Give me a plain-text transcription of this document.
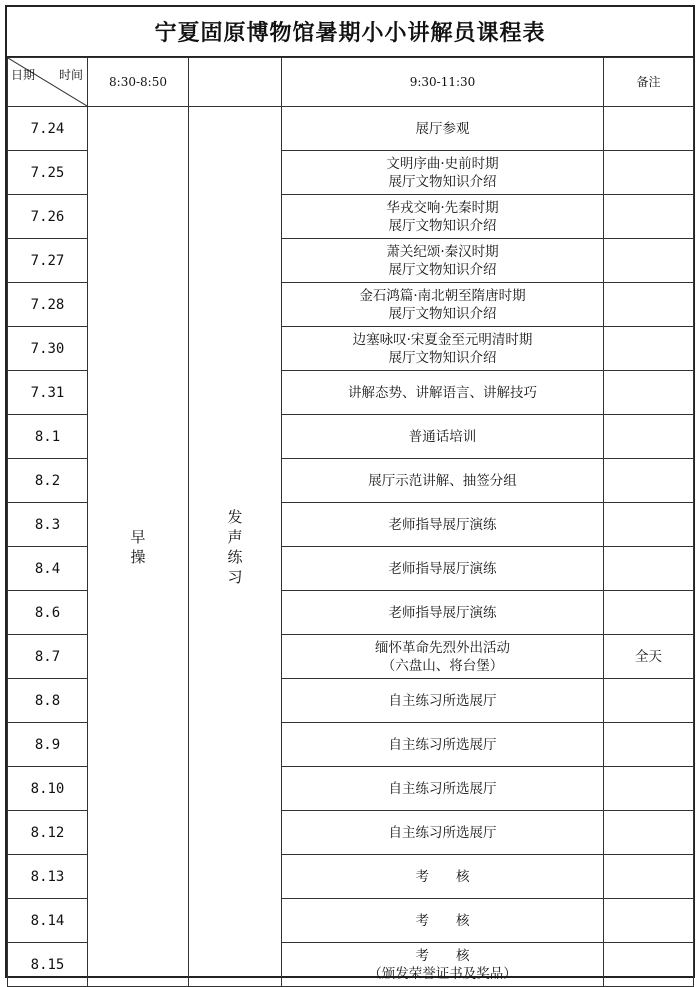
宁夏固原博物馆暑期小小讲解员课程表
日期 时间	8:30-8:50		9:30-11:30	备注
7.24	早操	发声练习	展厅参观	

7.25			文明序曲·史前时期
展厅文物知识介绍	

7.26			华戎交响·先秦时期
展厅文物知识介绍	

7.27			萧关纪颂·秦汉时期
展厅文物知识介绍	

7.28			金石鸿篇·南北朝至隋唐时期
展厅文物知识介绍	

7.30			边塞咏叹·宋夏金至元明清时期
展厅文物知识介绍	

7.31			讲解态势、讲解语言、讲解技巧	

8.1			普通话培训	

8.2			展厅示范讲解、抽签分组	

8.3			老师指导展厅演练	

8.4			老师指导展厅演练	

8.6			老师指导展厅演练	

8.7			缅怀革命先烈外出活动
（六盘山、将台堡）	全天
8.8			自主练习所选展厅	

8.9			自主练习所选展厅	

8.10			自主练习所选展厅	

8.12			自主练习所选展厅	

8.13			考　　核	

8.14			考　　核	

8.15			考　　核
（颁发荣誉证书及奖品）	
